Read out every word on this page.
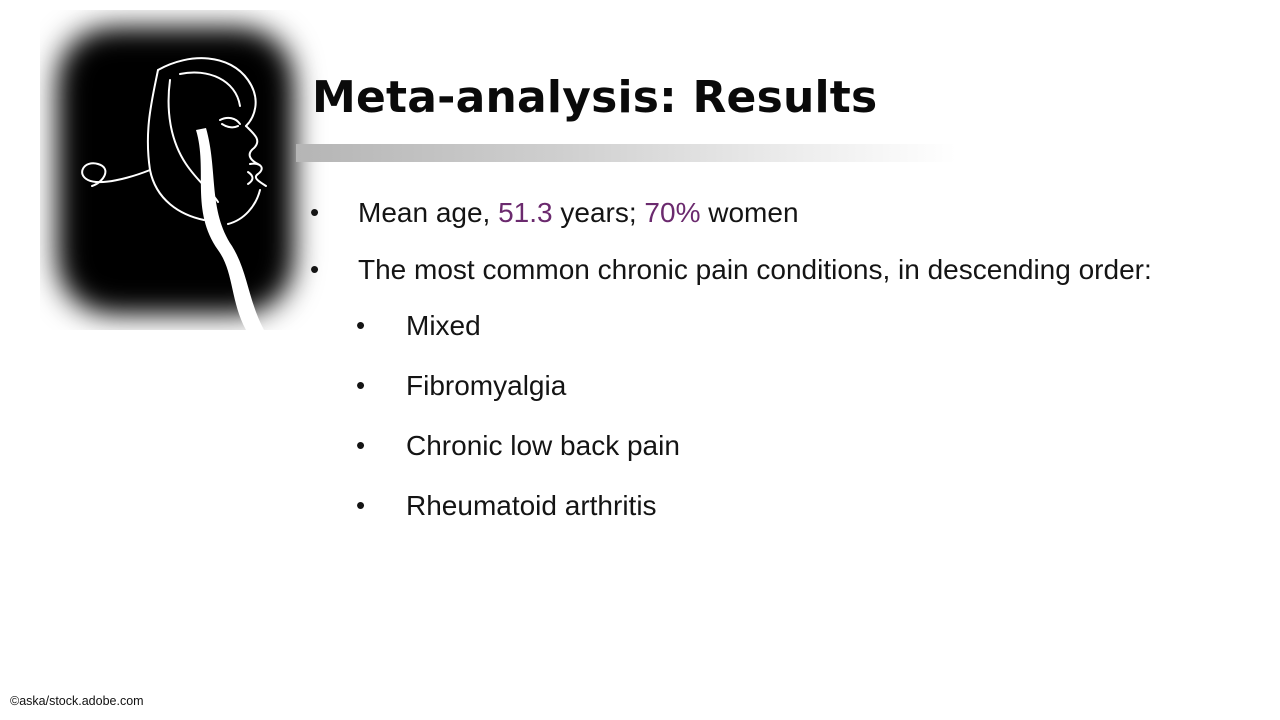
Meta-analysis: Results
• Mean age, 51.3 years; 70% women
• The most common chronic pain conditions, in descending order:
• Mixed
• Fibromyalgia
• Chronic low back pain
• Rheumatoid arthritis
©aska/stock.adobe.com
